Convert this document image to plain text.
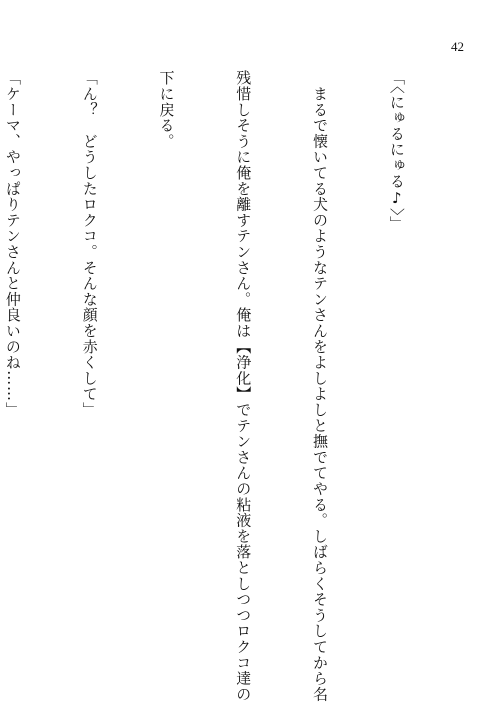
42

「〈にゅるにゅる♪〉」

　まるで懐いてる犬のようなテンさんをよしよしと撫でてやる。しばらくそうしてから名

残惜しそうに俺を離すテンさん。俺は【浄化】でテンさんの粘液を落としつつロクコ達の

下に戻る。

「ん？　どうしたロクコ。そんな顔を赤くして」

「ケーマ、やっぱりテンさんと仲良いのね……」
